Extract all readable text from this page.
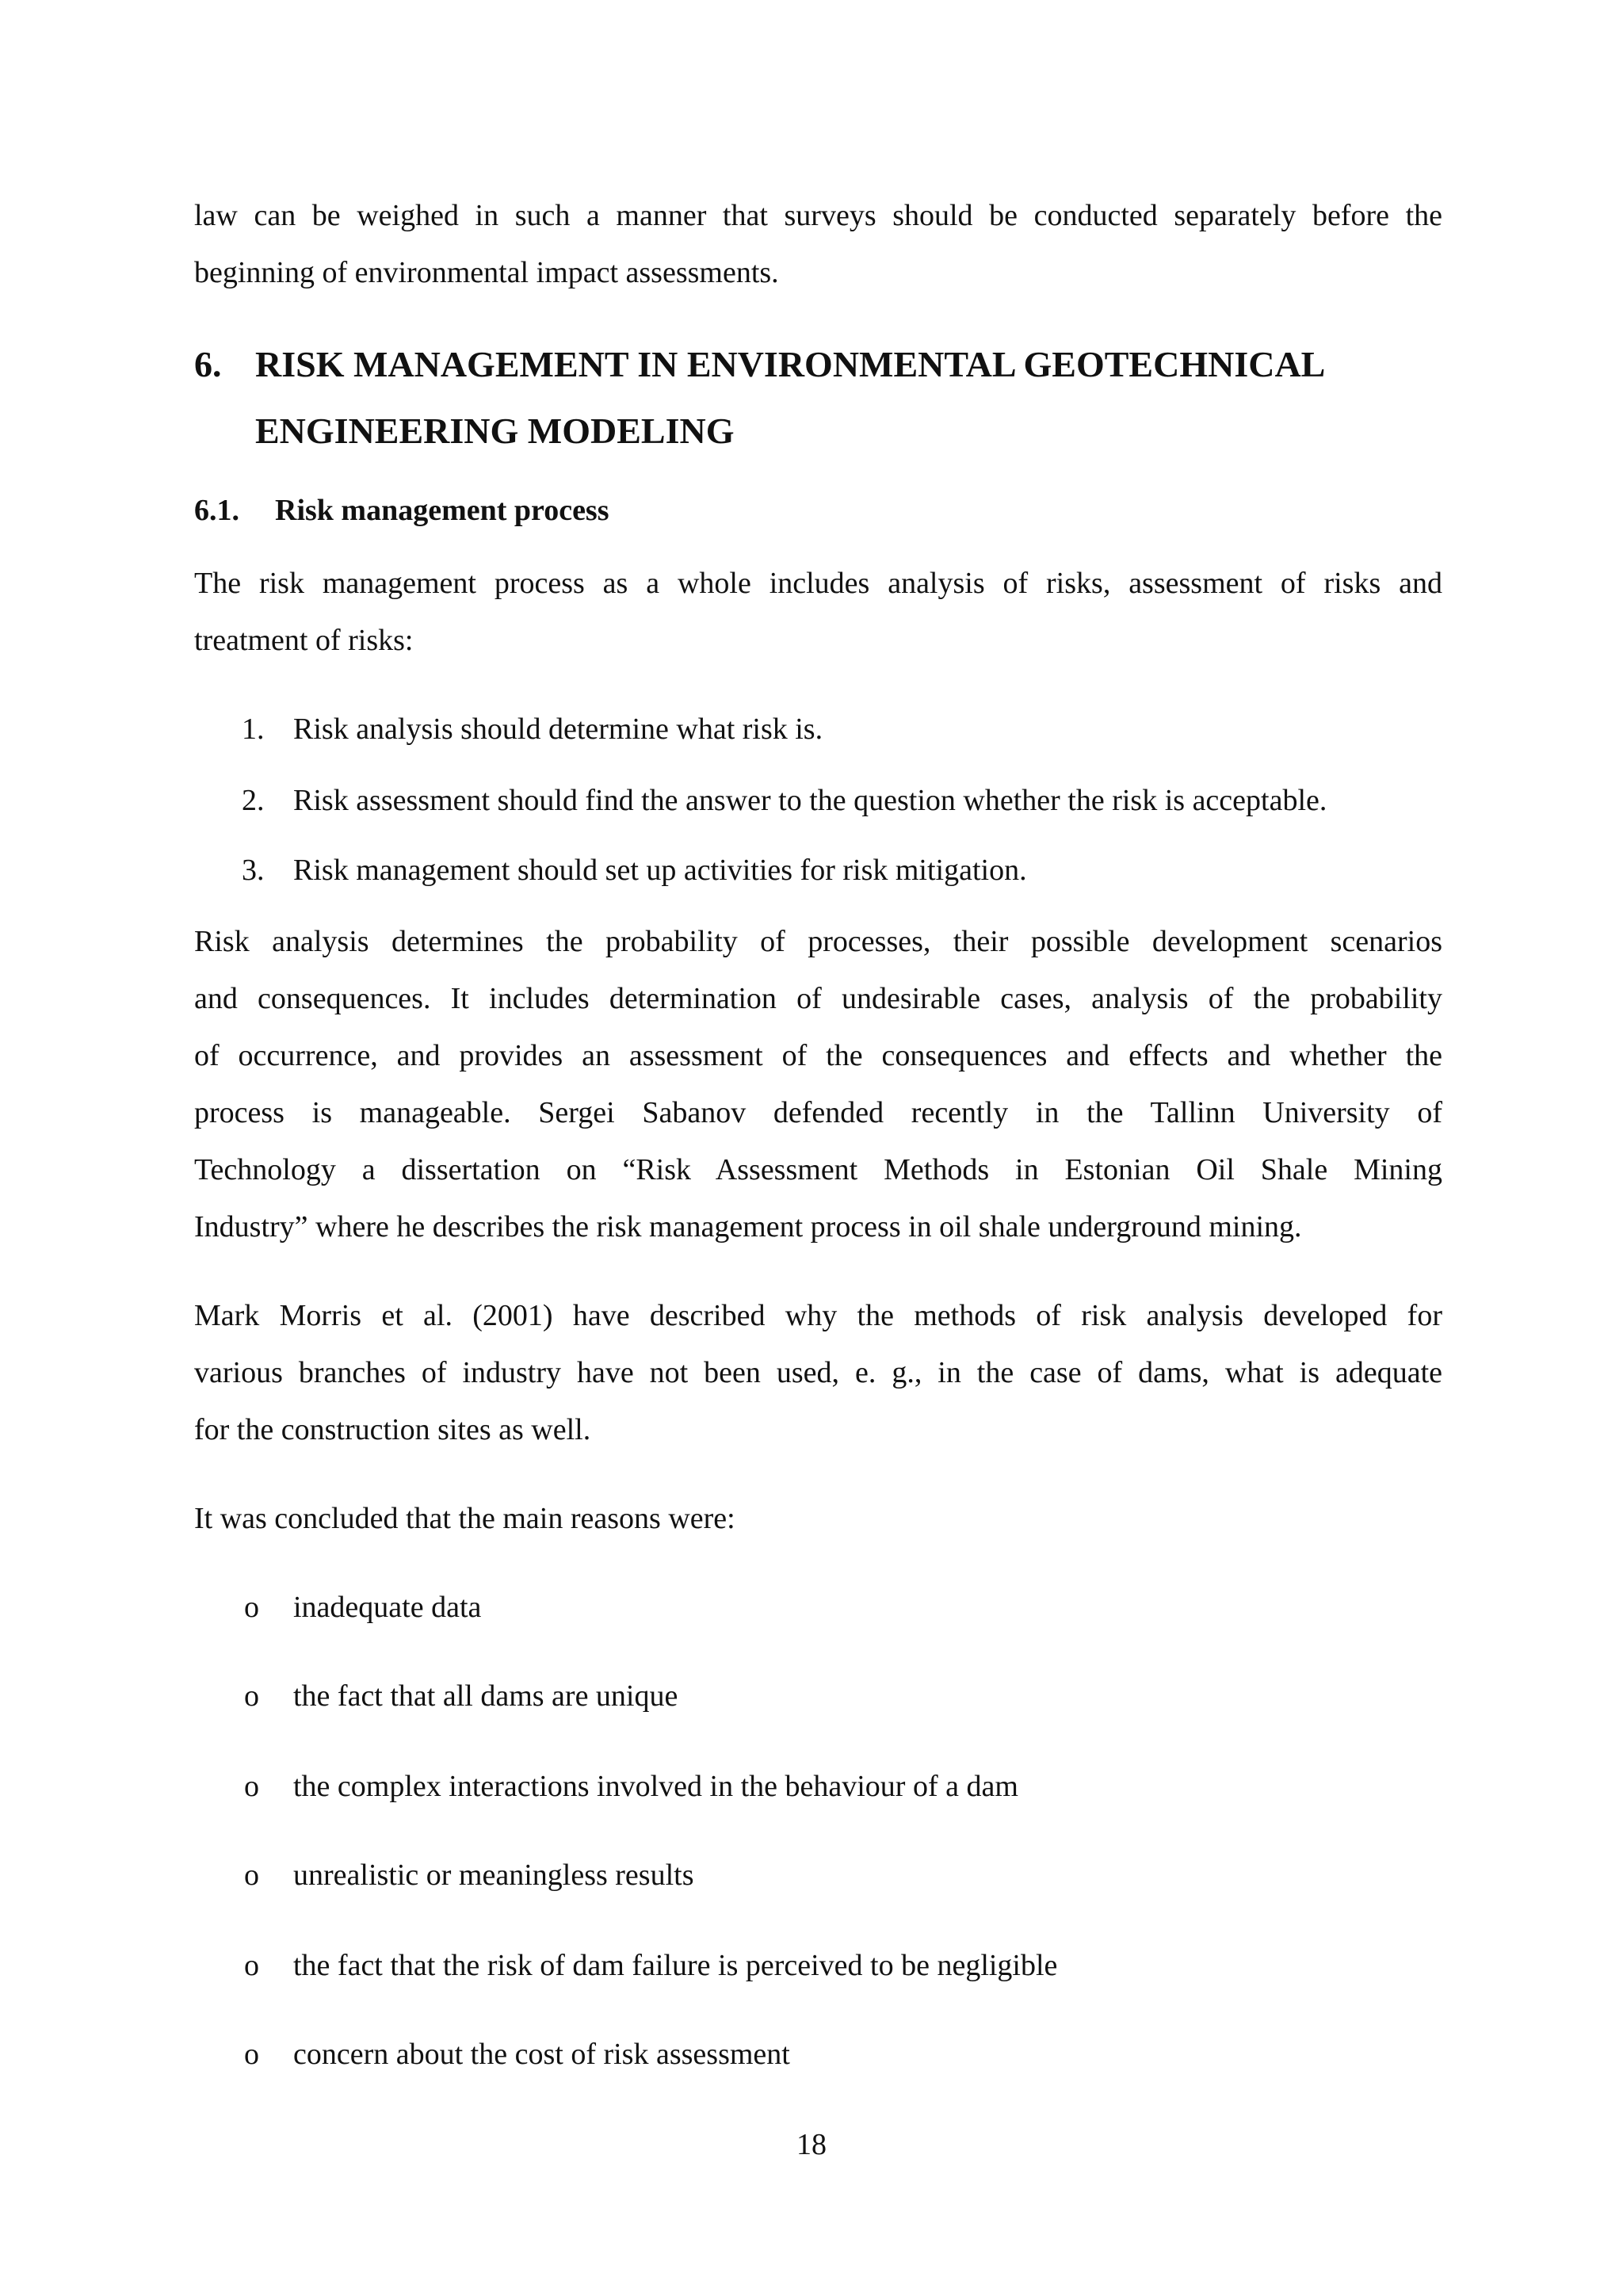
law can be weighed in such a manner that surveys should be conducted separately before the
beginning of environmental impact assessments.
6. RISK MANAGEMENT IN ENVIRONMENTAL GEOTECHNICAL
ENGINEERING MODELING
6.1. Risk management process
The risk management process as a whole includes analysis of risks, assessment of risks and
treatment of risks:
1. Risk analysis should determine what risk is.
2. Risk assessment should find the answer to the question whether the risk is acceptable.
3. Risk management should set up activities for risk mitigation.
Risk analysis determines the probability of processes, their possible development scenarios
and consequences. It includes determination of undesirable cases, analysis of the probability
of occurrence, and provides an assessment of the consequences and effects and whether the
process is manageable. Sergei Sabanov defended recently in the Tallinn University of
Technology a dissertation on “Risk Assessment Methods in Estonian Oil Shale Mining
Industry” where he describes the risk management process in oil shale underground mining.
Mark Morris et al. (2001) have described why the methods of risk analysis developed for
various branches of industry have not been used, e. g., in the case of dams, what is adequate
for the construction sites as well.
It was concluded that the main reasons were:
o inadequate data
o the fact that all dams are unique
o the complex interactions involved in the behaviour of a dam
o unrealistic or meaningless results
o the fact that the risk of dam failure is perceived to be negligible
o concern about the cost of risk assessment
18
